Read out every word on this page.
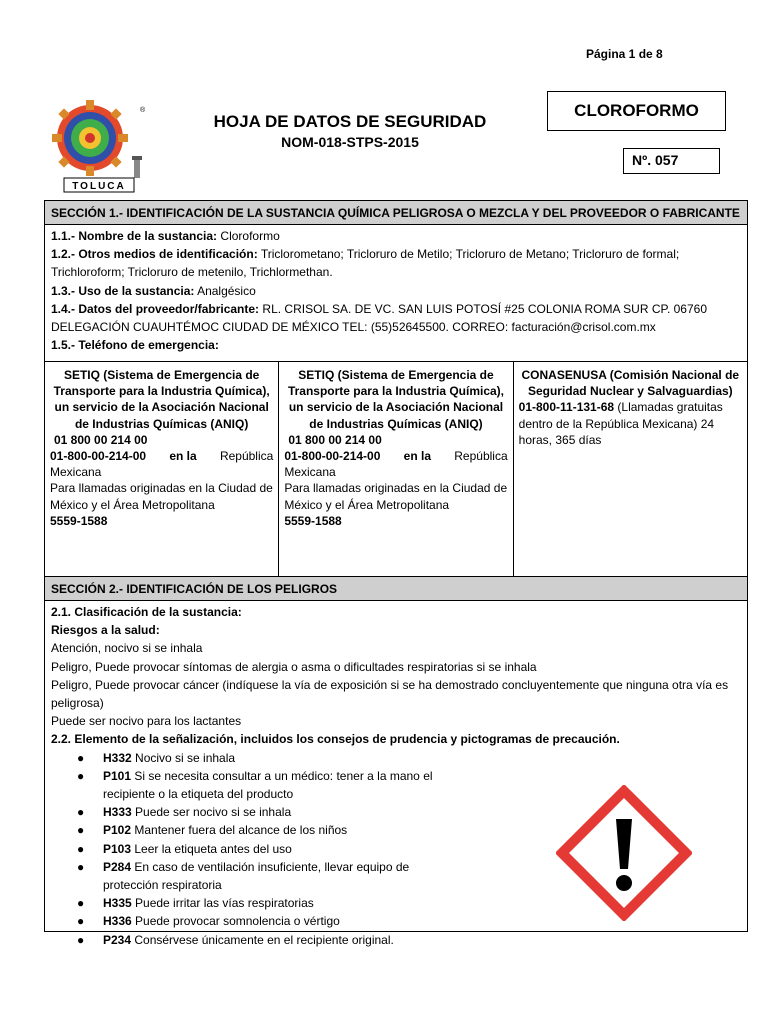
Página 1 de 8
®
TOLUCA
HOJA DE DATOS DE SEGURIDAD
NOM-018-STPS-2015
CLOROFORMO
Nº. 057
SECCIÓN 1.- IDENTIFICACIÓN DE LA SUSTANCIA QUÍMICA PELIGROSA O MEZCLA Y DEL PROVEEDOR O FABRICANTE
1.1.- Nombre de la sustancia: Cloroformo
1.2.- Otros medios de identificación: Triclorometano; Tricloruro de Metilo; Tricloruro de Metano; Tricloruro de formal; Trichloroform; Tricloruro de metenilo, Trichlormethan.
1.3.- Uso de la sustancia: Analgésico
1.4.- Datos del proveedor/fabricante: RL. CRISOL SA. DE VC. SAN LUIS POTOSÍ #25 COLONIA ROMA SUR CP. 06760 DELEGACIÓN CUAUHTÉMOC CIUDAD DE MÉXICO TEL: (55)52645500. CORREO: facturación@crisol.com.mx
1.5.- Teléfono de emergencia:
SETIQ (Sistema de Emergencia de Transporte para la Industria Química), un servicio de la Asociación Nacional de Industrias Químicas (ANIQ)
01 800 00 214 00
01-800-00-214-00 en la República
Mexicana
Para llamadas originadas en la Ciudad de México y el Área Metropolitana
5559-1588
SETIQ (Sistema de Emergencia de Transporte para la Industria Química), un servicio de la Asociación Nacional de Industrias Químicas (ANIQ)
01 800 00 214 00
01-800-00-214-00 en la República
Mexicana
Para llamadas originadas en la Ciudad de México y el Área Metropolitana
5559-1588
CONASENUSA (Comisión Nacional de Seguridad Nuclear y Salvaguardias)
01-800-11-131-68 (Llamadas gratuitas dentro de la República Mexicana) 24 horas, 365 días
SECCIÓN 2.- IDENTIFICACIÓN DE LOS PELIGROS
2.1. Clasificación de la sustancia:
Riesgos a la salud:
Atención, nocivo si se inhala
Peligro, Puede provocar síntomas de alergia o asma o dificultades respiratorias si se inhala
Peligro, Puede provocar cáncer (indíquese la vía de exposición si se ha demostrado concluyentemente que ninguna otra vía es peligrosa)
Puede ser nocivo para los lactantes
2.2. Elemento de la señalización, incluidos los consejos de prudencia y pictogramas de precaución.
● H332 Nocivo si se inhala
● P101 Si se necesita consultar a un médico: tener a la mano el recipiente o la etiqueta del producto
● H333 Puede ser nocivo si se inhala
● P102 Mantener fuera del alcance de los niños
● P103 Leer la etiqueta antes del uso
● P284 En caso de ventilación insuficiente, llevar equipo de protección respiratoria
● H335 Puede irritar las vías respiratorias
● H336 Puede provocar somnolencia o vértigo
● P234 Consérvese únicamente en el recipiente original.
